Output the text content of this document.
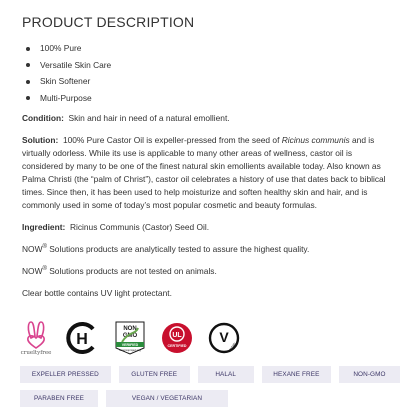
PRODUCT DESCRIPTION
100% Pure
Versatile Skin Care
Skin Softener
Multi-Purpose

Condition: Skin and hair in need of a natural emollient.

Solution: 100% Pure Castor Oil is expeller-pressed from the seed of Ricinus communis and is virtually odorless. While its use is applicable to many other areas of wellness, castor oil is considered by many to be one of the finest natural skin emollients available today. Also known as Palma Christi (the “palm of Christ”), castor oil celebrates a history of use that dates back to biblical times. Since then, it has been used to help moisturize and soften healthy skin and hair, and is commonly used in some of today’s most popular cosmetic and beauty formulas.

Ingredient: Ricinus Communis (Castor) Seed Oil.

NOW® Solutions products are analytically tested to assure the highest quality.

NOW® Solutions products are not tested on animals.

Clear bottle contains UV light protectant.

crueltyfree
H
NON
GMO
VERIFIED
nongmoproject.org
UL
CERTIFIED
V
vegan
EXPELLER PRESSED	GLUTEN FREE	HALAL	HEXANE FREE	NON-GMO
PARABEN FREE	VEGAN / VEGETARIAN
